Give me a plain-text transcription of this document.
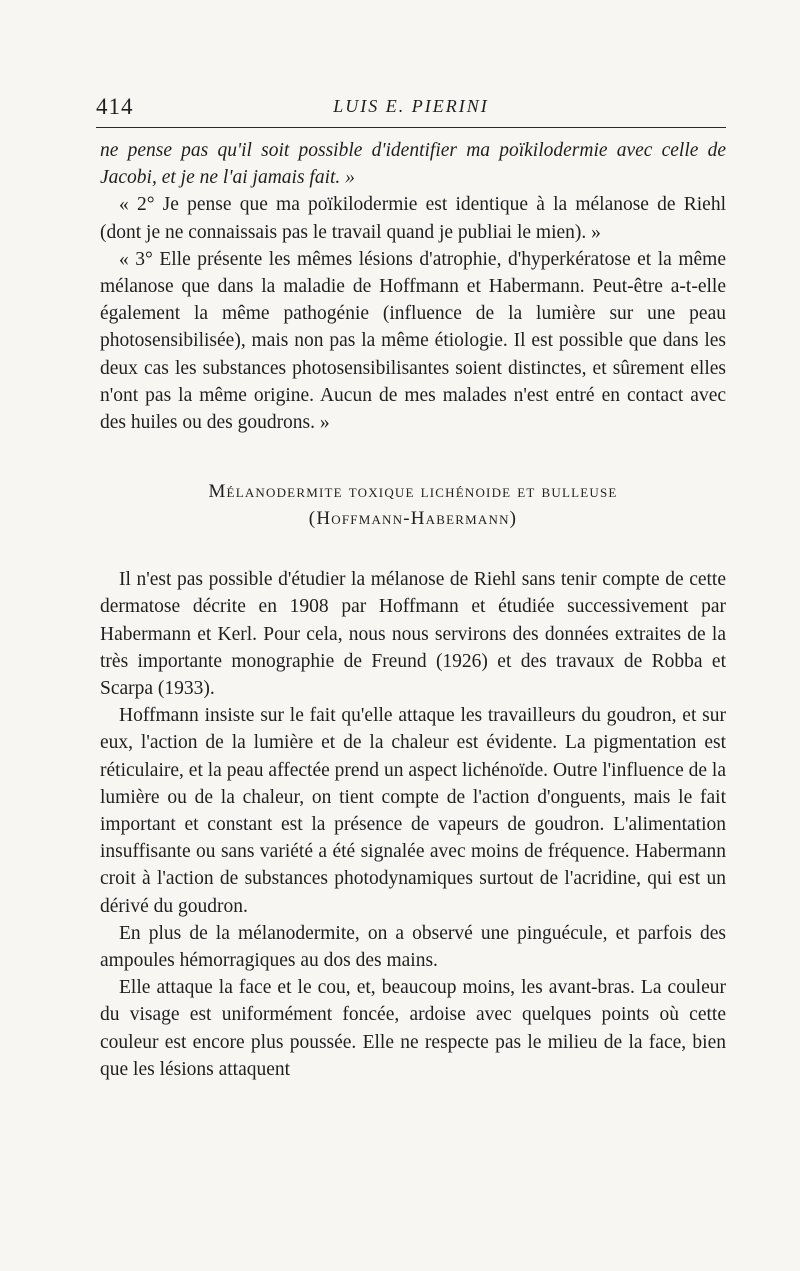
414	LUIS E. PIERINI

ne pense pas qu'il soit possible d'identifier ma poïkilodermie avec celle de Jacobi, et je ne l'ai jamais fait. »

« 2° Je pense que ma poïkilodermie est identique à la mélanose de Riehl (dont je ne connaissais pas le travail quand je publiai le mien). »

« 3° Elle présente les mêmes lésions d'atrophie, d'hyperkératose et la même mélanose que dans la maladie de Hoffmann et Habermann. Peut-être a-t-elle également la même pathogénie (influence de la lumière sur une peau photosensibilisée), mais non pas la même étiologie. Il est possible que dans les deux cas les substances photosensibilisantes soient distinctes, et sûrement elles n'ont pas la même origine. Aucun de mes malades n'est entré en contact avec des huiles ou des goudrons. »

Mélanodermite toxique lichénoide et bulleuse
(Hoffmann-Habermann)

Il n'est pas possible d'étudier la mélanose de Riehl sans tenir compte de cette dermatose décrite en 1908 par Hoffmann et étudiée successivement par Habermann et Kerl. Pour cela, nous nous servirons des données extraites de la très importante monographie de Freund (1926) et des travaux de Robba et Scarpa (1933).

Hoffmann insiste sur le fait qu'elle attaque les travailleurs du goudron, et sur eux, l'action de la lumière et de la chaleur est évidente. La pigmentation est réticulaire, et la peau affectée prend un aspect lichénoïde. Outre l'influence de la lumière ou de la chaleur, on tient compte de l'action d'onguents, mais le fait important et constant est la présence de vapeurs de goudron. L'alimentation insuffisante ou sans variété a été signalée avec moins de fréquence. Habermann croit à l'action de substances photodynamiques surtout de l'acridine, qui est un dérivé du goudron.

En plus de la mélanodermite, on a observé une pinguécule, et parfois des ampoules hémorragiques au dos des mains.

Elle attaque la face et le cou, et, beaucoup moins, les avant-bras. La couleur du visage est uniformément foncée, ardoise avec quelques points où cette couleur est encore plus poussée. Elle ne respecte pas le milieu de la face, bien que les lésions attaquent
